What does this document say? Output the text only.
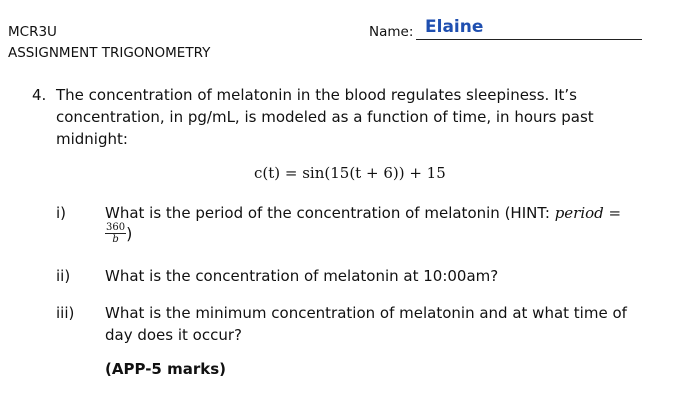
MCR3U
ASSIGNMENT TRIGONOMETRY
Name: Elaine
4. The concentration of melatonin in the blood regulates sleepiness. It’s
concentration, in pg/mL, is modeled as a function of time, in hours past
midnight:
c(t) = sin(15(t + 6)) + 15
i)	What is the period of the concentration of melatonin (HINT: period =
$\frac{360}{b}$ )
ii) What is the concentration of melatonin at 10:00am?
iii) What is the minimum concentration of melatonin and at what time of
day does it occur?
(APP-5 marks)
